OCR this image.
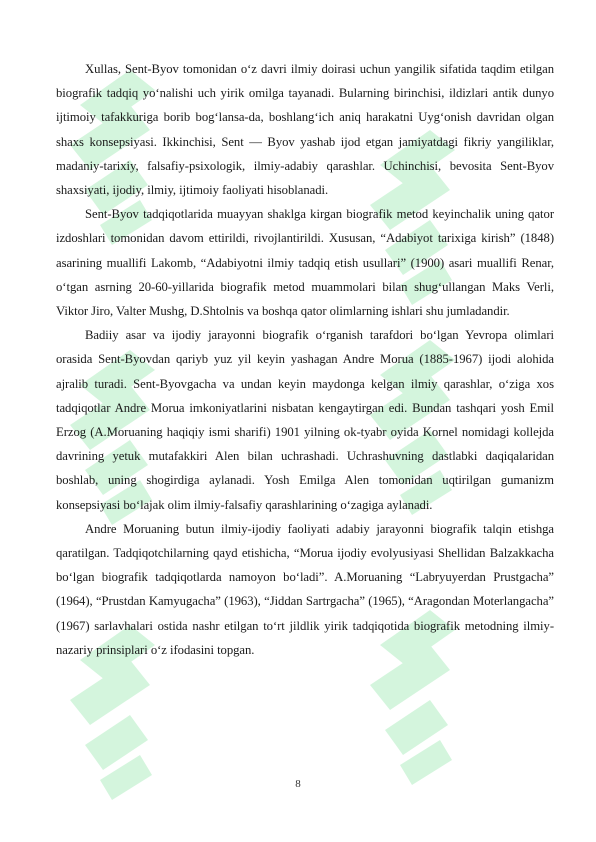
Xullas, Sent-Byov tomonidan o‘z davri ilmiy doirasi uchun yangilik sifatida taqdim etilgan biografik tadqiq yo‘nalishi uch yirik omilga tayanadi. Bularning birinchisi, ildizlari antik dunyo ijtimoiy tafakkuriga borib bog‘lansa-da, boshlang‘ich aniq harakatni Uyg‘onish davridan olgan shaxs konsepsiyasi. Ikkinchisi, Sent — Byov yashab ijod etgan jamiyatdagi fikriy yangiliklar, madaniy-tarixiy, falsafiy-psixologik, ilmiy-adabiy qarashlar. Uchinchisi, bevosita Sent-Byov shaxsiyati, ijodiy, ilmiy, ijtimoiy faoliyati hisoblanadi.

Sent-Byov tadqiqotlarida muayyan shaklga kirgan biografik metod keyinchalik uning qator izdoshlari tomonidan davom ettirildi, rivojlantirildi. Xususan, “Adabiyot tarixiga kirish” (1848) asarining muallifi Lakomb, “Adabiyotni ilmiy tadqiq etish usullari” (1900) asari muallifi Renar, o‘tgan asrning 20-60-yillarida biografik metod muammolari bilan shug‘ullangan Maks Verli, Viktor Jiro, Valter Mushg, D.Shtolnis va boshqa qator olimlarning ishlari shu jumladandir.

Badiiy asar va ijodiy jarayonni biografik o‘rganish tarafdori bo‘lgan Yevropa olimlari orasida Sent-Byovdan qariyb yuz yil keyin yashagan Andre Morua (1885-1967) ijodi alohida ajralib turadi. Sent-Byovgacha va undan keyin maydonga kelgan ilmiy qarashlar, o‘ziga xos tadqiqotlar Andre Morua imkoniyatlarini nisbatan kengaytirgan edi. Bundan tashqari yosh Emil Erzog (A.Moruaning haqiqiy ismi sharifi) 1901 yilning ok-tyabr oyida Kornel nomidagi kollejda davrining yetuk mutafakkiri Alen bilan uchrashadi. Uchrashuvning dastlabki daqiqalaridan boshlab, uning shogirdiga aylanadi. Yosh Emilga Alen tomonidan uqtirilgan gumanizm konsepsiyasi bo‘lajak olim ilmiy-falsafiy qarashlarining o‘zagiga aylanadi.

Andre Moruaning butun ilmiy-ijodiy faoliyati adabiy jarayonni biografik talqin etishga qaratilgan. Tadqiqotchilarning qayd etishicha, “Morua ijodiy evolyusiyasi Shellidan Balzakkacha bo‘lgan biografik tadqiqotlarda namoyon bo‘ladi”. A.Moruaning “Labryuyerdan Prustgacha” (1964), “Prustdan Kamyugacha” (1963), “Jiddan Sartrgacha” (1965), “Aragondan Moterlangacha” (1967) sarlavhalari ostida nashr etilgan to‘rt jildlik yirik tadqiqotida biografik metodning ilmiy-nazariy prinsiplari o‘z ifodasini topgan.

8
